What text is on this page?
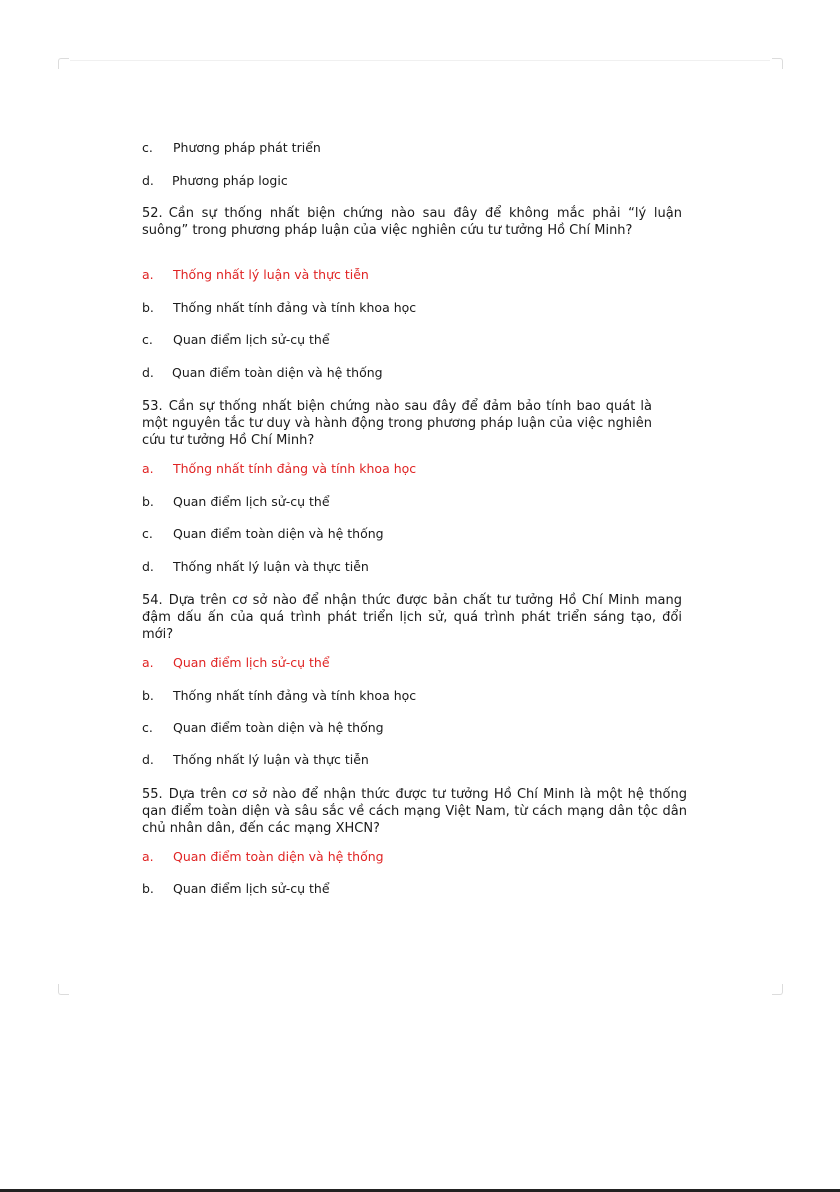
c. Phương pháp phát triển
d. Phương pháp logic
52. Cần sự thống nhất biện chứng nào sau đây để không mắc phải “lý luận suông” trong phương pháp luận của việc nghiên cứu tư tưởng Hồ Chí Minh?
a. Thống nhất lý luận và thực tiễn
b. Thống nhất tính đảng và tính khoa học
c. Quan điểm lịch sử-cụ thể
d. Quan điểm toàn diện và hệ thống
53. Cần sự thống nhất biện chứng nào sau đây để đảm bảo tính bao quát là một nguyên tắc tư duy và hành động trong phương pháp luận của việc nghiên cứu tư tưởng Hồ Chí Minh?
a. Thống nhất tính đảng và tính khoa học
b. Quan điểm lịch sử-cụ thể
c. Quan điểm toàn diện và hệ thống
d. Thống nhất lý luận và thực tiễn
54. Dựa trên cơ sở nào để nhận thức được bản chất tư tưởng Hồ Chí Minh mang đậm dấu ấn của quá trình phát triển lịch sử, quá trình phát triển sáng tạo, đổi mới?
a. Quan điểm lịch sử-cụ thể
b. Thống nhất tính đảng và tính khoa học
c. Quan điểm toàn diện và hệ thống
d. Thống nhất lý luận và thực tiễn
55. Dựa trên cơ sở nào để nhận thức được tư tưởng Hồ Chí Minh là một hệ thống qan điểm toàn diện và sâu sắc về cách mạng Việt Nam, từ cách mạng dân tộc dân chủ nhân dân, đến các mạng XHCN?
a. Quan điểm toàn diện và hệ thống
b. Quan điểm lịch sử-cụ thể
